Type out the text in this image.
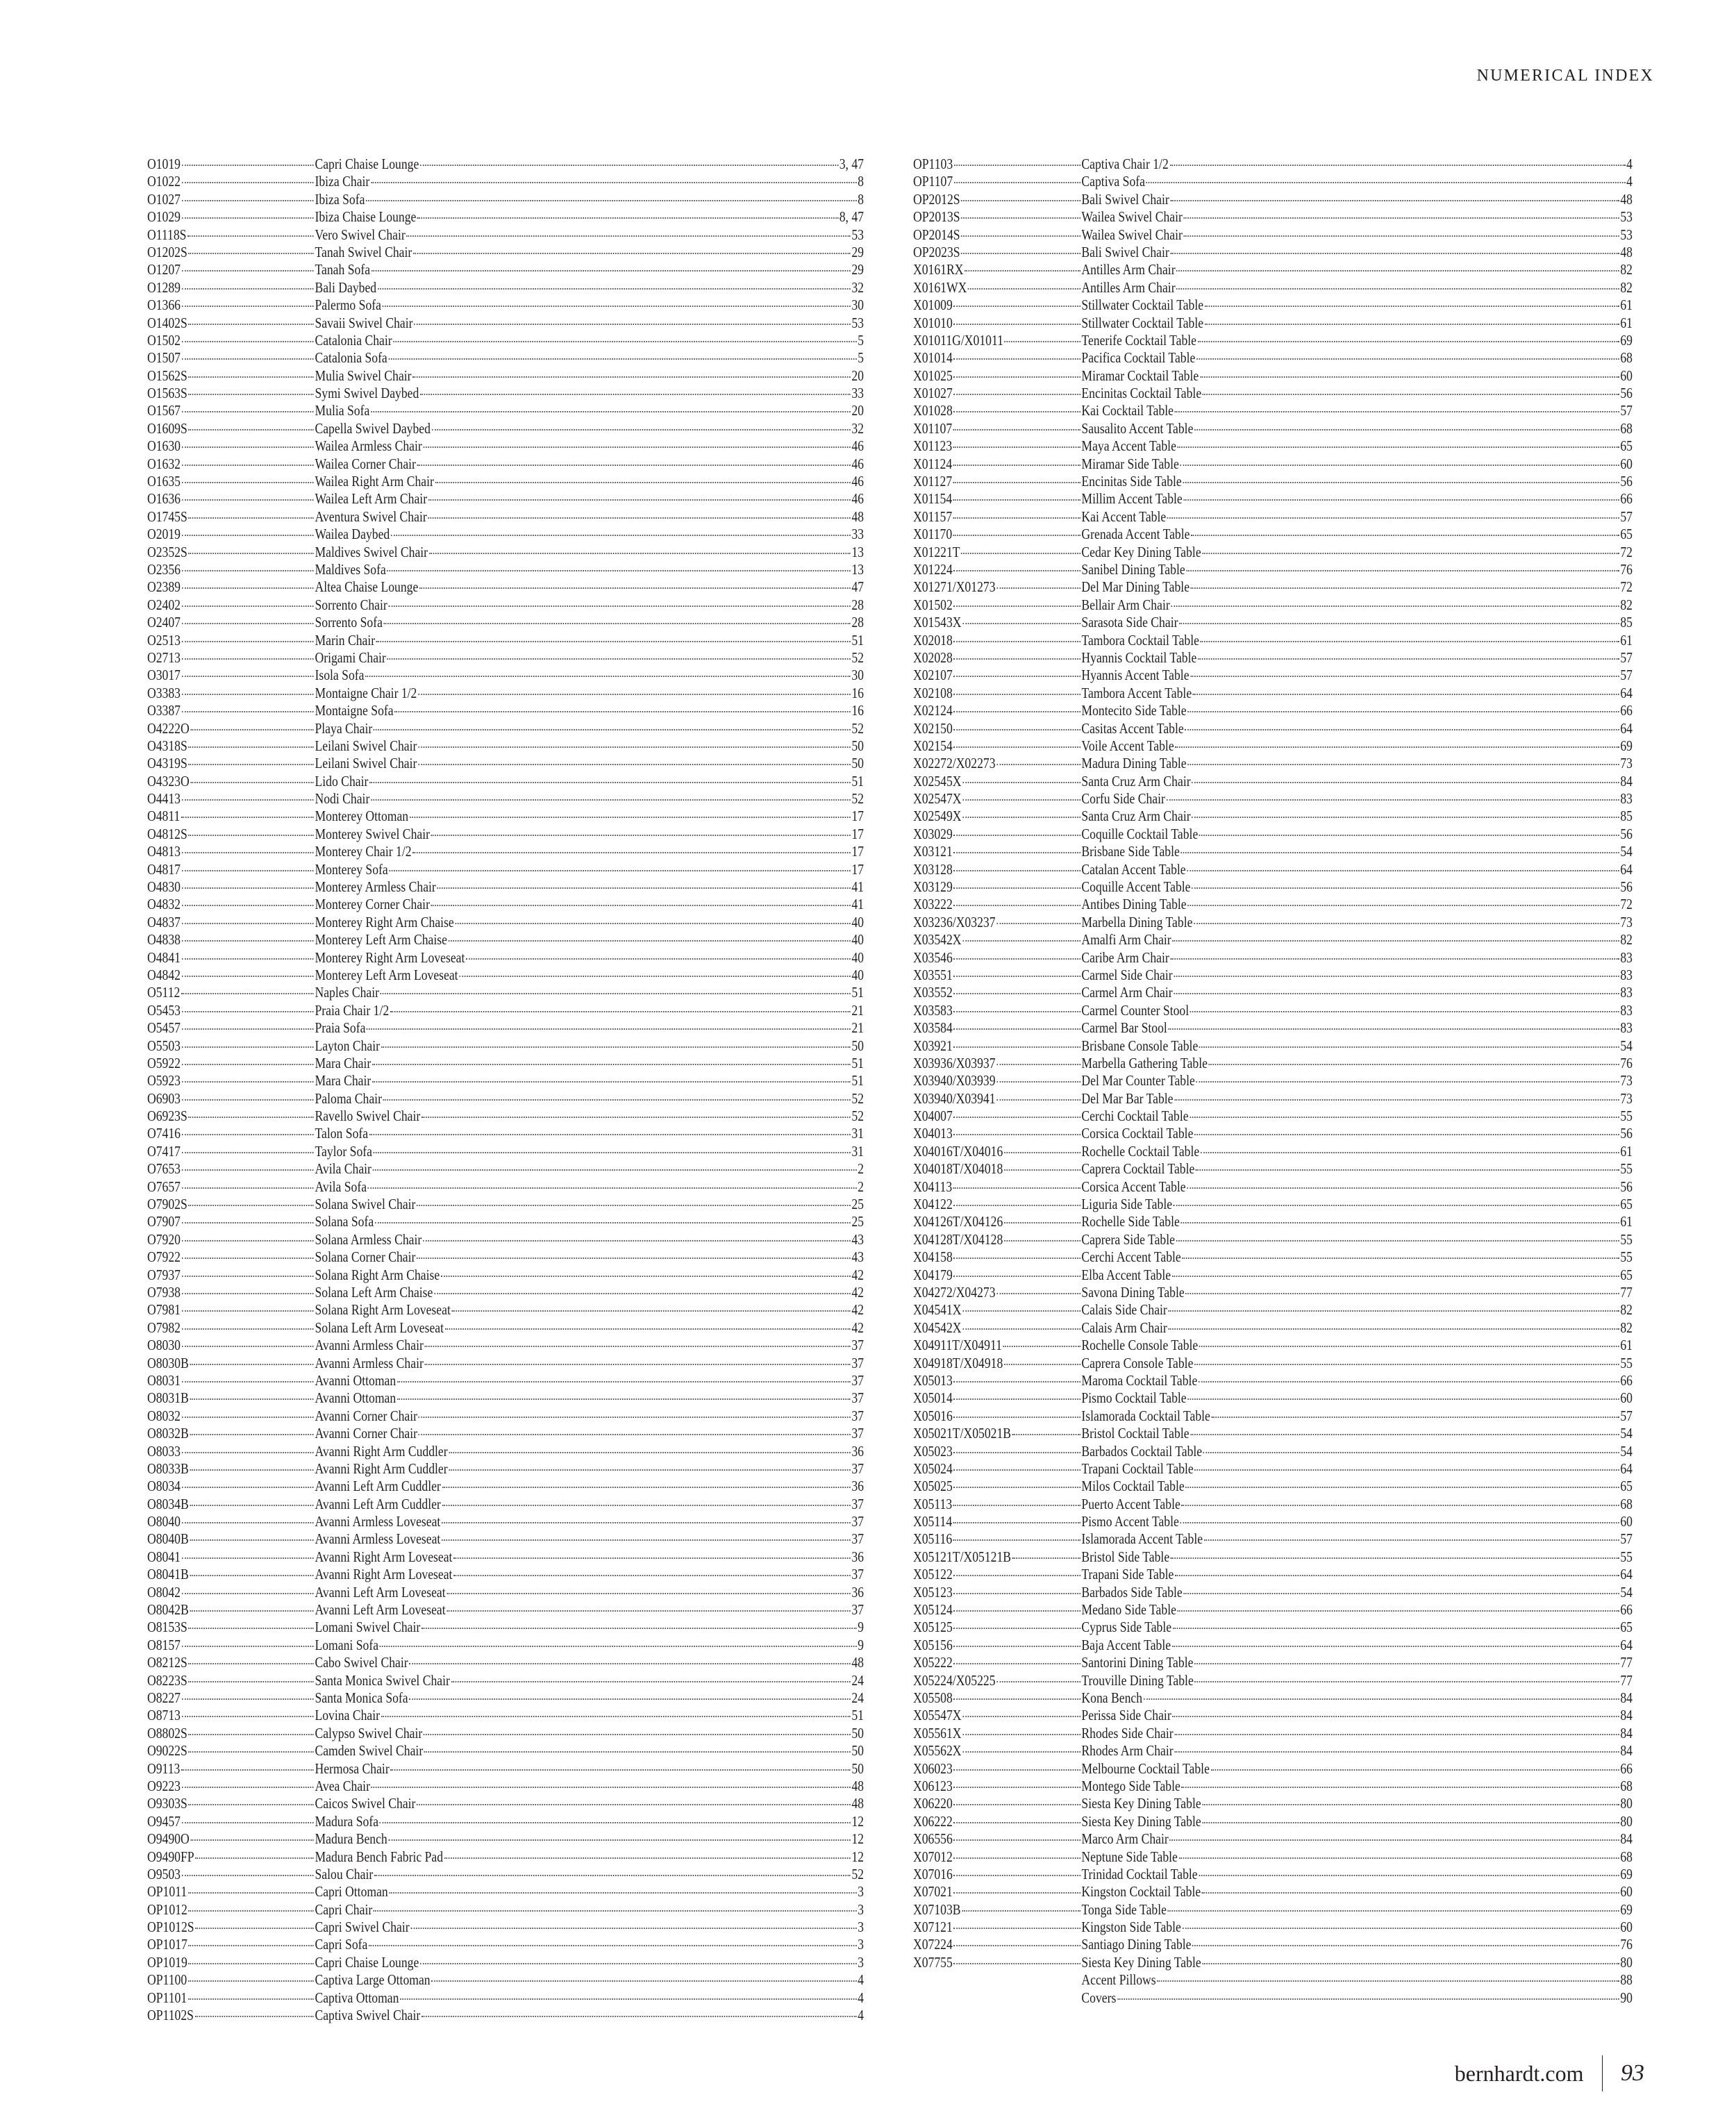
NUMERICAL INDEX
O1019	Capri Chaise Lounge	3, 47
O1022	Ibiza Chair	8
O1027	Ibiza Sofa	8
O1029	Ibiza Chaise Lounge	8, 47
O1118S	Vero Swivel Chair	53
O1202S	Tanah Swivel Chair	29
O1207	Tanah Sofa	29
O1289	Bali Daybed	32
O1366	Palermo Sofa	30
O1402S	Savaii Swivel Chair	53
O1502	Catalonia Chair	5
O1507	Catalonia Sofa	5
O1562S	Mulia Swivel Chair	20
O1563S	Symi Swivel Daybed	33
O1567	Mulia Sofa	20
O1609S	Capella Swivel Daybed	32
O1630	Wailea Armless Chair	46
O1632	Wailea Corner Chair	46
O1635	Wailea Right Arm Chair	46
O1636	Wailea Left Arm Chair	46
O1745S	Aventura Swivel Chair	48
O2019	Wailea Daybed	33
O2352S	Maldives Swivel Chair	13
O2356	Maldives Sofa	13
O2389	Altea Chaise Lounge	47
O2402	Sorrento Chair	28
O2407	Sorrento Sofa	28
O2513	Marin Chair	51
O2713	Origami Chair	52
O3017	Isola Sofa	30
O3383	Montaigne Chair 1/2	16
O3387	Montaigne Sofa	16
O4222O	Playa Chair	52
O4318S	Leilani Swivel Chair	50
O4319S	Leilani Swivel Chair	50
O4323O	Lido Chair	51
O4413	Nodi Chair	52
O4811	Monterey Ottoman	17
O4812S	Monterey Swivel Chair	17
O4813	Monterey Chair 1/2	17
O4817	Monterey Sofa	17
O4830	Monterey Armless Chair	41
O4832	Monterey Corner Chair	41
O4837	Monterey Right Arm Chaise	40
O4838	Monterey Left Arm Chaise	40
O4841	Monterey Right Arm Loveseat	40
O4842	Monterey Left Arm Loveseat	40
O5112	Naples Chair	51
O5453	Praia Chair 1/2	21
O5457	Praia Sofa	21
O5503	Layton Chair	50
O5922	Mara Chair	51
O5923	Mara Chair	51
O6903	Paloma Chair	52
O6923S	Ravello Swivel Chair	52
O7416	Talon Sofa	31
O7417	Taylor Sofa	31
O7653	Avila Chair	2
O7657	Avila Sofa	2
O7902S	Solana Swivel Chair	25
O7907	Solana Sofa	25
O7920	Solana Armless Chair	43
O7922	Solana Corner Chair	43
O7937	Solana Right Arm Chaise	42
O7938	Solana Left Arm Chaise	42
O7981	Solana Right Arm Loveseat	42
O7982	Solana Left Arm Loveseat	42
O8030	Avanni Armless Chair	37
O8030B	Avanni Armless Chair	37
O8031	Avanni Ottoman	37
O8031B	Avanni Ottoman	37
O8032	Avanni Corner Chair	37
O8032B	Avanni Corner Chair	37
O8033	Avanni Right Arm Cuddler	36
O8033B	Avanni Right Arm Cuddler	37
O8034	Avanni Left Arm Cuddler	36
O8034B	Avanni Left Arm Cuddler	37
O8040	Avanni Armless Loveseat	37
O8040B	Avanni Armless Loveseat	37
O8041	Avanni Right Arm Loveseat	36
O8041B	Avanni Right Arm Loveseat	37
O8042	Avanni Left Arm Loveseat	36
O8042B	Avanni Left Arm Loveseat	37
O8153S	Lomani Swivel Chair	9
O8157	Lomani Sofa	9
O8212S	Cabo Swivel Chair	48
O8223S	Santa Monica Swivel Chair	24
O8227	Santa Monica Sofa	24
O8713	Lovina Chair	51
O8802S	Calypso Swivel Chair	50
O9022S	Camden Swivel Chair	50
O9113	Hermosa Chair	50
O9223	Avea Chair	48
O9303S	Caicos Swivel Chair	48
O9457	Madura Sofa	12
O9490O	Madura Bench	12
O9490FP	Madura Bench Fabric Pad	12
O9503	Salou Chair	52
OP1011	Capri Ottoman	3
OP1012	Capri Chair	3
OP1012S	Capri Swivel Chair	3
OP1017	Capri Sofa	3
OP1019	Capri Chaise Lounge	3
OP1100	Captiva Large Ottoman	4
OP1101	Captiva Ottoman	4
OP1102S	Captiva Swivel Chair	4
OP1103	Captiva Chair 1/2	4
OP1107	Captiva Sofa	4
OP2012S	Bali Swivel Chair	48
OP2013S	Wailea Swivel Chair	53
OP2014S	Wailea Swivel Chair	53
OP2023S	Bali Swivel Chair	48
X0161RX	Antilles Arm Chair	82
X0161WX	Antilles Arm Chair	82
X01009	Stillwater Cocktail Table	61
X01010	Stillwater Cocktail Table	61
X01011G/X01011	Tenerife Cocktail Table	69
X01014	Pacifica Cocktail Table	68
X01025	Miramar Cocktail Table	60
X01027	Encinitas Cocktail Table	56
X01028	Kai Cocktail Table	57
X01107	Sausalito Accent Table	68
X01123	Maya Accent Table	65
X01124	Miramar Side Table	60
X01127	Encinitas Side Table	56
X01154	Millim Accent Table	66
X01157	Kai Accent Table	57
X01170	Grenada Accent Table	65
X01221T	Cedar Key Dining Table	72
X01224	Sanibel Dining Table	76
X01271/X01273	Del Mar Dining Table	72
X01502	Bellair Arm Chair	82
X01543X	Sarasota Side Chair	85
X02018	Tambora Cocktail Table	61
X02028	Hyannis Cocktail Table	57
X02107	Hyannis Accent Table	57
X02108	Tambora Accent Table	64
X02124	Montecito Side Table	66
X02150	Casitas Accent Table	64
X02154	Voile Accent Table	69
X02272/X02273	Madura Dining Table	73
X02545X	Santa Cruz Arm Chair	84
X02547X	Corfu Side Chair	83
X02549X	Santa Cruz Arm Chair	85
X03029	Coquille Cocktail Table	56
X03121	Brisbane Side Table	54
X03128	Catalan Accent Table	64
X03129	Coquille Accent Table	56
X03222	Antibes Dining Table	72
X03236/X03237	Marbella Dining Table	73
X03542X	Amalfi Arm Chair	82
X03546	Caribe Arm Chair	83
X03551	Carmel Side Chair	83
X03552	Carmel Arm Chair	83
X03583	Carmel Counter Stool	83
X03584	Carmel Bar Stool	83
X03921	Brisbane Console Table	54
X03936/X03937	Marbella Gathering Table	76
X03940/X03939	Del Mar Counter Table	73
X03940/X03941	Del Mar Bar Table	73
X04007	Cerchi Cocktail Table	55
X04013	Corsica Cocktail Table	56
X04016T/X04016	Rochelle Cocktail Table	61
X04018T/X04018	Caprera Cocktail Table	55
X04113	Corsica Accent Table	56
X04122	Liguria Side Table	65
X04126T/X04126	Rochelle Side Table	61
X04128T/X04128	Caprera Side Table	55
X04158	Cerchi Accent Table	55
X04179	Elba Accent Table	65
X04272/X04273	Savona Dining Table	77
X04541X	Calais Side Chair	82
X04542X	Calais Arm Chair	82
X04911T/X04911	Rochelle Console Table	61
X04918T/X04918	Caprera Console Table	55
X05013	Maroma Cocktail Table	66
X05014	Pismo Cocktail Table	60
X05016	Islamorada Cocktail Table	57
X05021T/X05021B	Bristol Cocktail Table	54
X05023	Barbados Cocktail Table	54
X05024	Trapani Cocktail Table	64
X05025	Milos Cocktail Table	65
X05113	Puerto Accent Table	68
X05114	Pismo Accent Table	60
X05116	Islamorada Accent Table	57
X05121T/X05121B	Bristol Side Table	55
X05122	Trapani Side Table	64
X05123	Barbados Side Table	54
X05124	Medano Side Table	66
X05125	Cyprus Side Table	65
X05156	Baja Accent Table	64
X05222	Santorini Dining Table	77
X05224/X05225	Trouville Dining Table	77
X05508	Kona Bench	84
X05547X	Perissa Side Chair	84
X05561X	Rhodes Side Chair	84
X05562X	Rhodes Arm Chair	84
X06023	Melbourne Cocktail Table	66
X06123	Montego Side Table	68
X06220	Siesta Key Dining Table	80
X06222	Siesta Key Dining Table	80
X06556	Marco Arm Chair	84
X07012	Neptune Side Table	68
X07016	Trinidad Cocktail Table	69
X07021	Kingston Cocktail Table	60
X07103B	Tonga Side Table	69
X07121	Kingston Side Table	60
X07224	Santiago Dining Table	76
X07755	Siesta Key Dining Table	80
Accent Pillows	88
Covers	90
bernhardt.com 93
